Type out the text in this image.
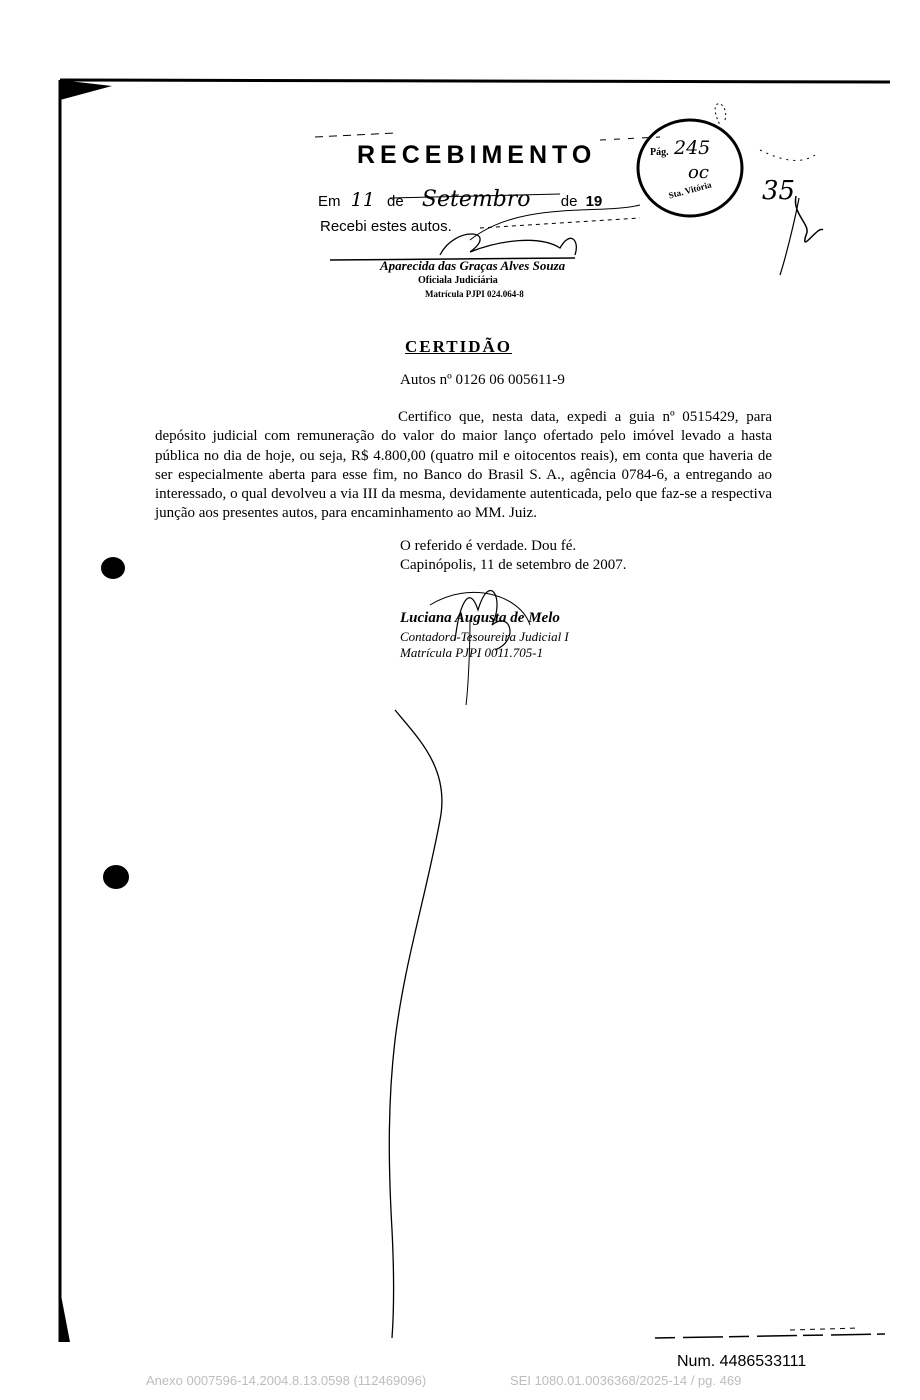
RECEBIMENTO
Em 11 de Setembro de 19
Recebi estes autos.
Aparecida das Graças Alves Souza
Oficiala Judiciária
Matrícula PJPI 024.064-8
Pág. 245
oc
Sta. Vitória 35
CERTIDÃO
Autos nº 0126 06 005611-9
Certifico que, nesta data, expedi a guia nº 0515429, para depósito judicial com remuneração do valor do maior lanço ofertado pelo imóvel levado a hasta pública no dia de hoje, ou seja, R$ 4.800,00 (quatro mil e oitocentos reais), em conta que haveria de ser especialmente aberta para esse fim, no Banco do Brasil S. A., agência 0784-6, a entregando ao interessado, o qual devolveu a via III da mesma, devidamente autenticada, pelo que faz-se a respectiva junção aos presentes autos, para encaminhamento ao MM. Juiz.
O referido é verdade. Dou fé.
Capinópolis, 11 de setembro de 2007.
Luciana Augusta de Melo
Contadora-Tesoureira Judicial I
Matrícula PJPI 0011.705-1
Num. 4486533111
Anexo 0007596-14.2004.8.13.0598 (112469096)	SEI 1080.01.0036368/2025-14 / pg. 469
